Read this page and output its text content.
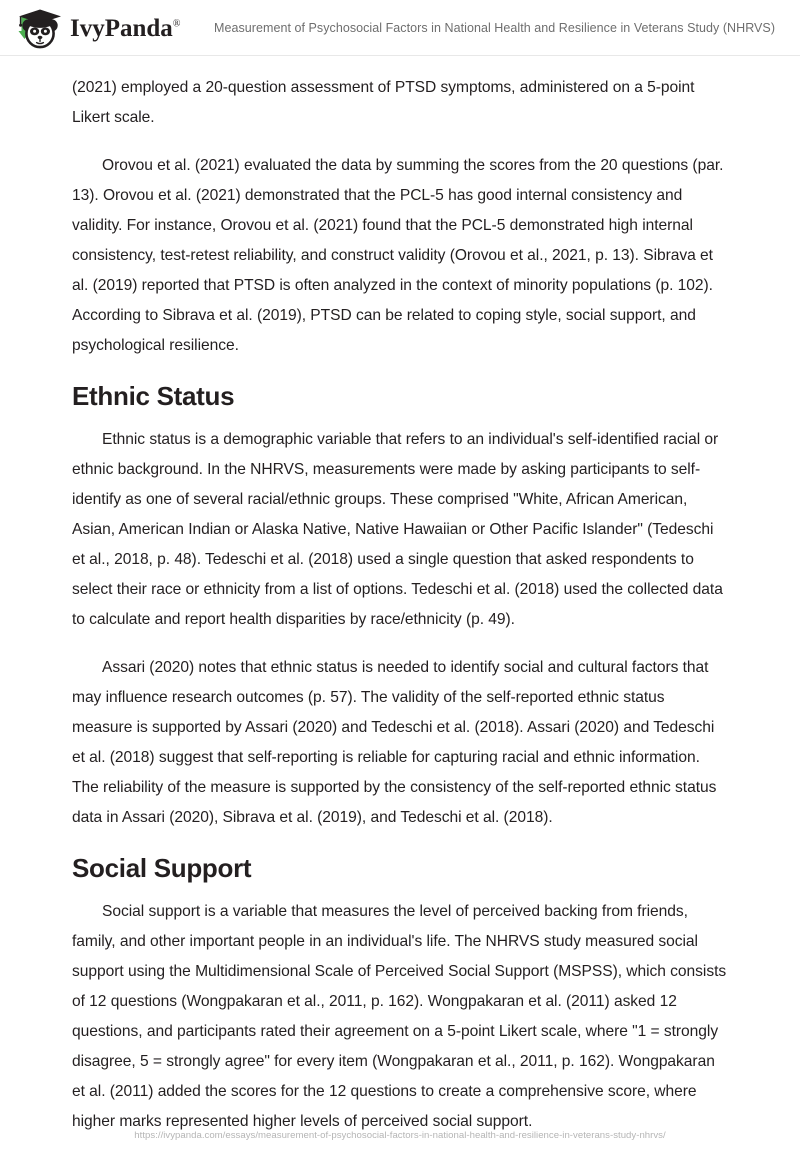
IvyPanda®	Measurement of Psychosocial Factors in National Health and Resilience in Veterans Study (NHRVS)

(2021) employed a 20-question assessment of PTSD symptoms, administered on a 5-point Likert scale.

Orovou et al. (2021) evaluated the data by summing the scores from the 20 questions (par. 13). Orovou et al. (2021) demonstrated that the PCL-5 has good internal consistency and validity. For instance, Orovou et al. (2021) found that the PCL-5 demonstrated high internal consistency, test-retest reliability, and construct validity (Orovou et al., 2021, p. 13). Sibrava et al. (2019) reported that PTSD is often analyzed in the context of minority populations (p. 102). According to Sibrava et al. (2019), PTSD can be related to coping style, social support, and psychological resilience.

Ethnic Status

Ethnic status is a demographic variable that refers to an individual's self-identified racial or ethnic background. In the NHRVS, measurements were made by asking participants to self-identify as one of several racial/ethnic groups. These comprised "White, African American, Asian, American Indian or Alaska Native, Native Hawaiian or Other Pacific Islander" (Tedeschi et al., 2018, p. 48). Tedeschi et al. (2018) used a single question that asked respondents to select their race or ethnicity from a list of options. Tedeschi et al. (2018) used the collected data to calculate and report health disparities by race/ethnicity (p. 49).

Assari (2020) notes that ethnic status is needed to identify social and cultural factors that may influence research outcomes (p. 57). The validity of the self-reported ethnic status measure is supported by Assari (2020) and Tedeschi et al. (2018). Assari (2020) and Tedeschi et al. (2018) suggest that self-reporting is reliable for capturing racial and ethnic information. The reliability of the measure is supported by the consistency of the self-reported ethnic status data in Assari (2020), Sibrava et al. (2019), and Tedeschi et al. (2018).

Social Support

Social support is a variable that measures the level of perceived backing from friends, family, and other important people in an individual's life. The NHRVS study measured social support using the Multidimensional Scale of Perceived Social Support (MSPSS), which consists of 12 questions (Wongpakaran et al., 2011, p. 162). Wongpakaran et al. (2011) asked 12 questions, and participants rated their agreement on a 5-point Likert scale, where "1 = strongly disagree, 5 = strongly agree" for every item (Wongpakaran et al., 2011, p. 162). Wongpakaran et al. (2011) added the scores for the 12 questions to create a comprehensive score, where higher marks represented higher levels of perceived social support.

https://ivypanda.com/essays/measurement-of-psychosocial-factors-in-national-health-and-resilience-in-veterans-study-nhrvs/
